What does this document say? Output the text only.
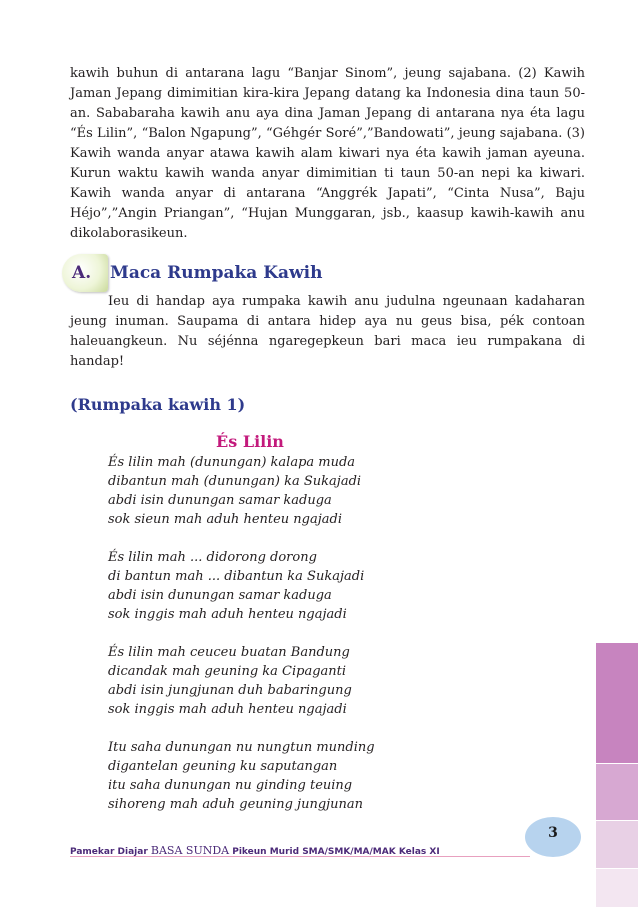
kawih buhun di antarana lagu “Banjar Sinom”, jeung sajabana. (2) Kawih Jaman Jepang dimimitian kira-kira Jepang datang ka Indonesia dina taun 50-an. Sababaraha kawih anu aya dina Jaman Jepang di antarana nya éta lagu “És Lilin”, “Balon Ngapung”, “Géhgér Soré”,”Bandowati”, jeung sajabana. (3) Kawih wanda anyar atawa kawih alam kiwari nya éta kawih jaman ayeuna. Kurun waktu kawih wanda anyar dimimitian ti taun 50-an nepi ka kiwari. Kawih wanda anyar di antarana “Anggrék Japati”, “Cinta Nusa”, Baju Héjo”,”Angin Priangan”, “Hujan Munggaran, jsb., kaasup kawih-kawih anu dikolaborasikeun.

A. Maca Rumpaka Kawih

Ieu di handap aya rumpaka kawih anu judulna ngeunaan kadaharan jeung inuman. Saupama di antara hidep aya nu geus bisa, pék contoan haleuangkeun. Nu séjénna ngaregepkeun bari maca ieu rumpakana di handap!

(Rumpaka kawih 1)
És Lilin
És lilin mah (dunungan) kalapa muda
dibantun mah (dunungan) ka Sukajadi
abdi isin dunungan samar kaduga
sok sieun mah aduh henteu ngajadi
És lilin mah ... didorong dorong
di bantun mah ... dibantun ka Sukajadi
abdi isin dunungan samar kaduga
sok inggis mah aduh henteu ngajadi
És lilin mah ceuceu buatan Bandung
dicandak mah geuning ka Cipaganti
abdi isin jungjunan duh babaringung
sok inggis mah aduh henteu ngajadi
Itu saha dunungan nu nungtun munding
digantelan geuning ku saputangan
itu saha dunungan nu ginding teuing
sihoreng mah aduh geuning jungjunan
3
Pamekar Diajar BASA SUNDA Pikeun Murid SMA/SMK/MA/MAK Kelas XI
